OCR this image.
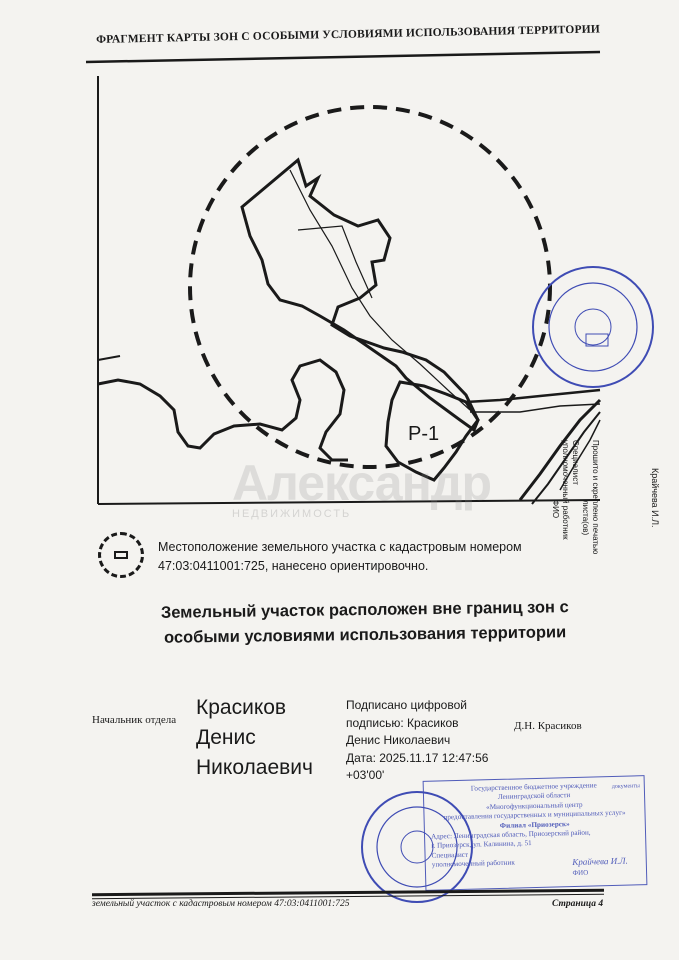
ФРАГМЕНТ КАРТЫ ЗОН С ОСОБЫМИ УСЛОВИЯМИ ИСПОЛЬЗОВАНИЯ ТЕРРИТОРИИ
Р-1
Александр
НЕДВИЖИМОСТЬ
Местоположение земельного участка с кадастровым номером
47:03:0411001:725, нанесено ориентировочно.
Земельный участок расположен вне границ зон с
особыми условиями использования территории
Начальник отдела
Красиков
Денис
Николаевич
Подписано цифровой
подписью: Красиков
Денис Николаевич
Дата: 2025.11.17 12:47:56
+03'00'
Д.Н. Красиков
документы
Государственное бюджетное учреждение
Ленинградской области
«Многофункциональный центр
предоставления государственных и муниципальных услуг»
Филиал «Приозерск»
Адрес: Ленинградская область, Приозерский район,
г. Приозерск, ул. Калинина, д. 51
Специалист
уполномоченный работник	Крайчева И.Л.
ФИО
Прошито и скреплено печатью
листа(ов)
Специалист
уполномоченный работник
ФИО	Крайчева И.Л.
земельный участок с кадастровым номером 47:03:0411001:725	Страница 4
